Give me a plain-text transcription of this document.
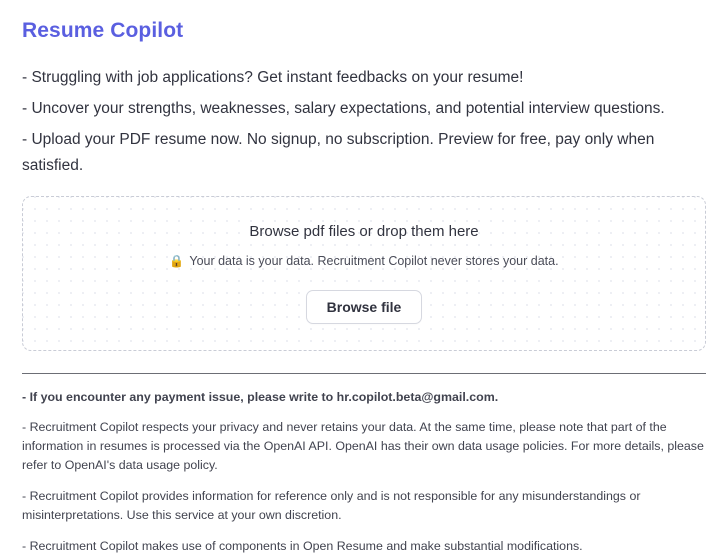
Resume Copilot

- Struggling with job applications? Get instant feedbacks on your resume!

- Uncover your strengths, weaknesses, salary expectations, and potential interview questions.

- Upload your PDF resume now. No signup, no subscription. Preview for free, pay only when satisfied.

Browse pdf files or drop them here
🔒 Your data is your data. Recruitment Copilot never stores your data.
Browse file

- If you encounter any payment issue, please write to hr.copilot.beta@gmail.com.

- Recruitment Copilot respects your privacy and never retains your data. At the same time, please note that part of the information in resumes is processed via the OpenAI API. OpenAI has their own data usage policies. For more details, please refer to OpenAI's data usage policy.

- Recruitment Copilot provides information for reference only and is not responsible for any misunderstandings or misinterpretations. Use this service at your own discretion.

- Recruitment Copilot makes use of components in Open Resume and make substantial modifications.
